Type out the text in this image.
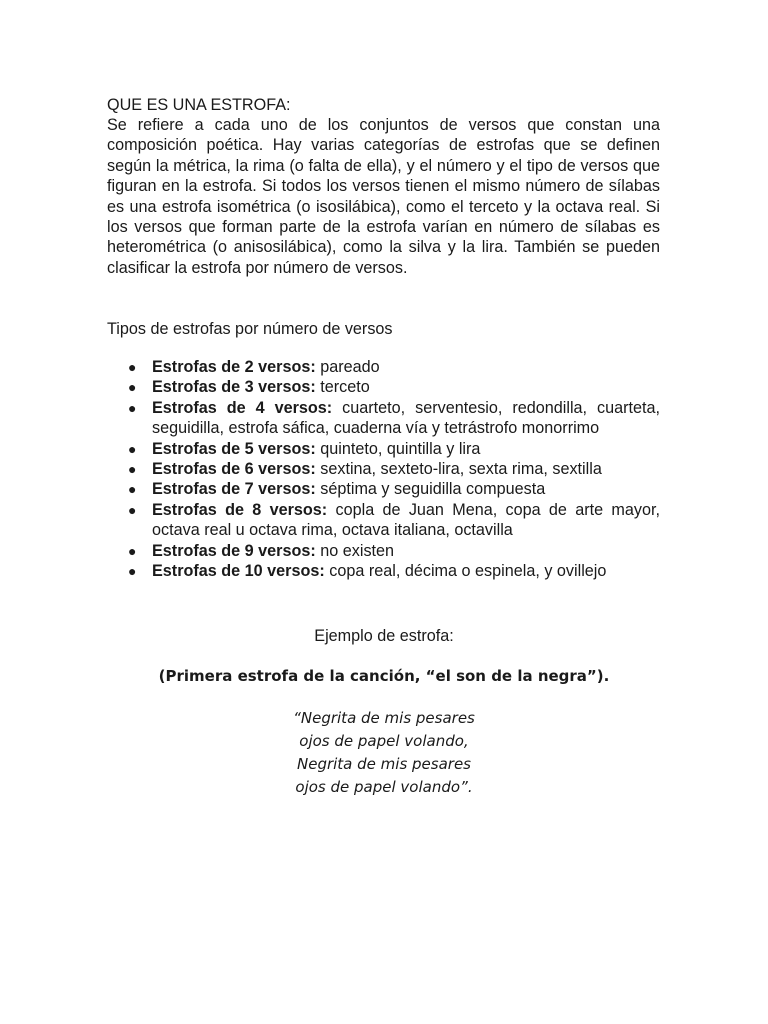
QUE ES UNA ESTROFA:

Se refiere a cada uno de los conjuntos de versos que constan una composición poética. Hay varias categorías de estrofas que se definen según la métrica, la rima (o falta de ella), y el número y el tipo de versos que figuran en la estrofa. Si todos los versos tienen el mismo número de sílabas es una estrofa isométrica (o isosilábica), como el terceto y la octava real. Si los versos que forman parte de la estrofa varían en número de sílabas es heterométrica (o anisosilábica), como la silva y la lira. También se pueden clasificar la estrofa por número de versos.

Tipos de estrofas por número de versos
● Estrofas de 2 versos: pareado
● Estrofas de 3 versos: terceto
● Estrofas de 4 versos: cuarteto, serventesio, redondilla, cuarteta, seguidilla, estrofa sáfica, cuaderna vía y tetrástrofo monorrimo
● Estrofas de 5 versos: quinteto, quintilla y lira
● Estrofas de 6 versos: sextina, sexteto-lira, sexta rima, sextilla
● Estrofas de 7 versos: séptima y seguidilla compuesta
● Estrofas de 8 versos: copla de Juan Mena, copa de arte mayor, octava real u octava rima, octava italiana, octavilla
● Estrofas de 9 versos: no existen
● Estrofas de 10 versos: copa real, décima o espinela, y ovillejo
Ejemplo de estrofa:
(Primera estrofa de la canción, “el son de la negra”).
“Negrita de mis pesares
ojos de papel volando,
Negrita de mis pesares
ojos de papel volando”.
